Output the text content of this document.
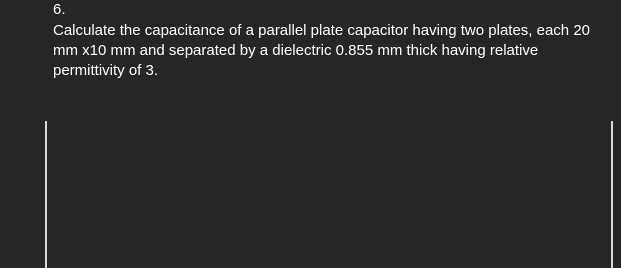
6.

Calculate the capacitance of a parallel plate capacitor having two plates, each 20 mm x10 mm and separated by a dielectric 0.855 mm thick having relative permittivity of 3.
